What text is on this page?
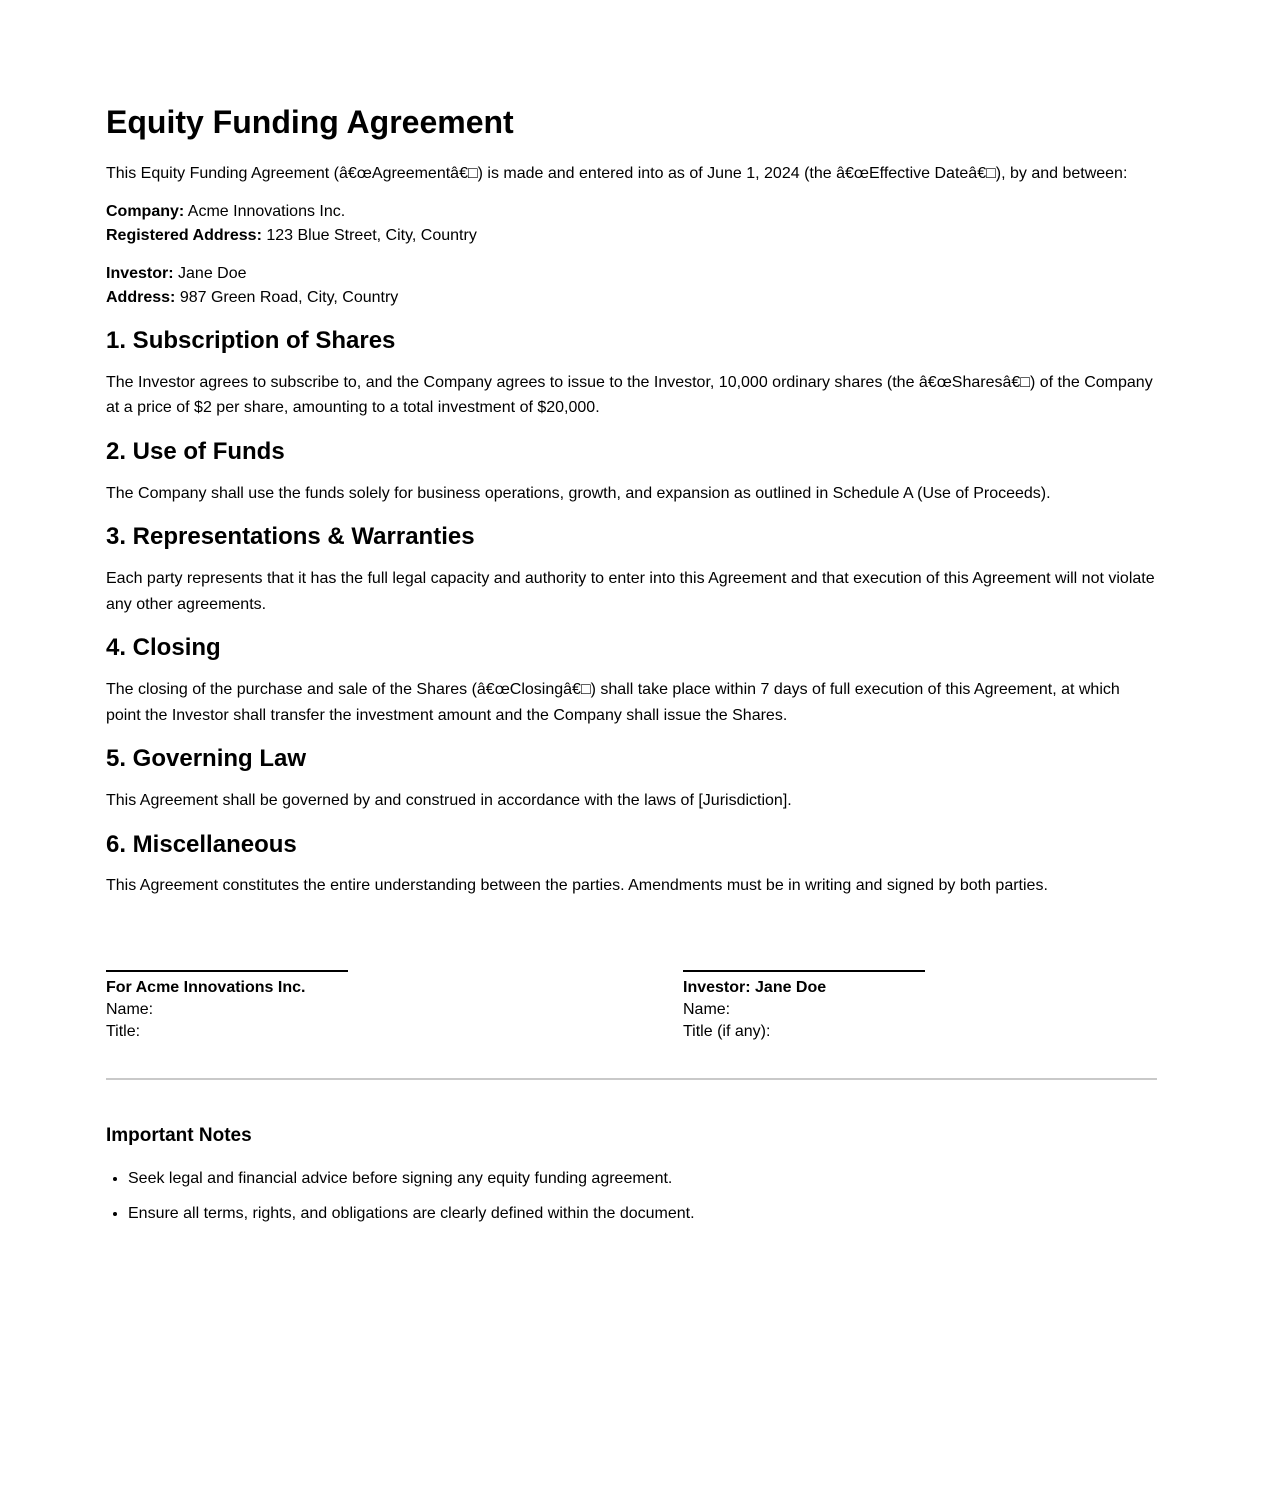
Equity Funding Agreement

This Equity Funding Agreement (â€œAgreementâ€□) is made and entered into as of June 1, 2024 (the â€œEffective Dateâ€□), by and between:

Company: Acme Innovations Inc.
Registered Address: 123 Blue Street, City, Country

Investor: Jane Doe
Address: 987 Green Road, City, Country

1. Subscription of Shares

The Investor agrees to subscribe to, and the Company agrees to issue to the Investor, 10,000 ordinary shares (the â€œSharesâ€□) of the Company at a price of $2 per share, amounting to a total investment of $20,000.

2. Use of Funds

The Company shall use the funds solely for business operations, growth, and expansion as outlined in Schedule A (Use of Proceeds).

3. Representations & Warranties

Each party represents that it has the full legal capacity and authority to enter into this Agreement and that execution of this Agreement will not violate any other agreements.

4. Closing

The closing of the purchase and sale of the Shares (â€œClosingâ€□) shall take place within 7 days of full execution of this Agreement, at which point the Investor shall transfer the investment amount and the Company shall issue the Shares.

5. Governing Law

This Agreement shall be governed by and construed in accordance with the laws of [Jurisdiction].

6. Miscellaneous

This Agreement constitutes the entire understanding between the parties. Amendments must be in writing and signed by both parties.

For Acme Innovations Inc.
Name:
Title:
Investor: Jane Doe
Name:
Title (if any):
Important Notes
• Seek legal and financial advice before signing any equity funding agreement.
• Ensure all terms, rights, and obligations are clearly defined within the document.
